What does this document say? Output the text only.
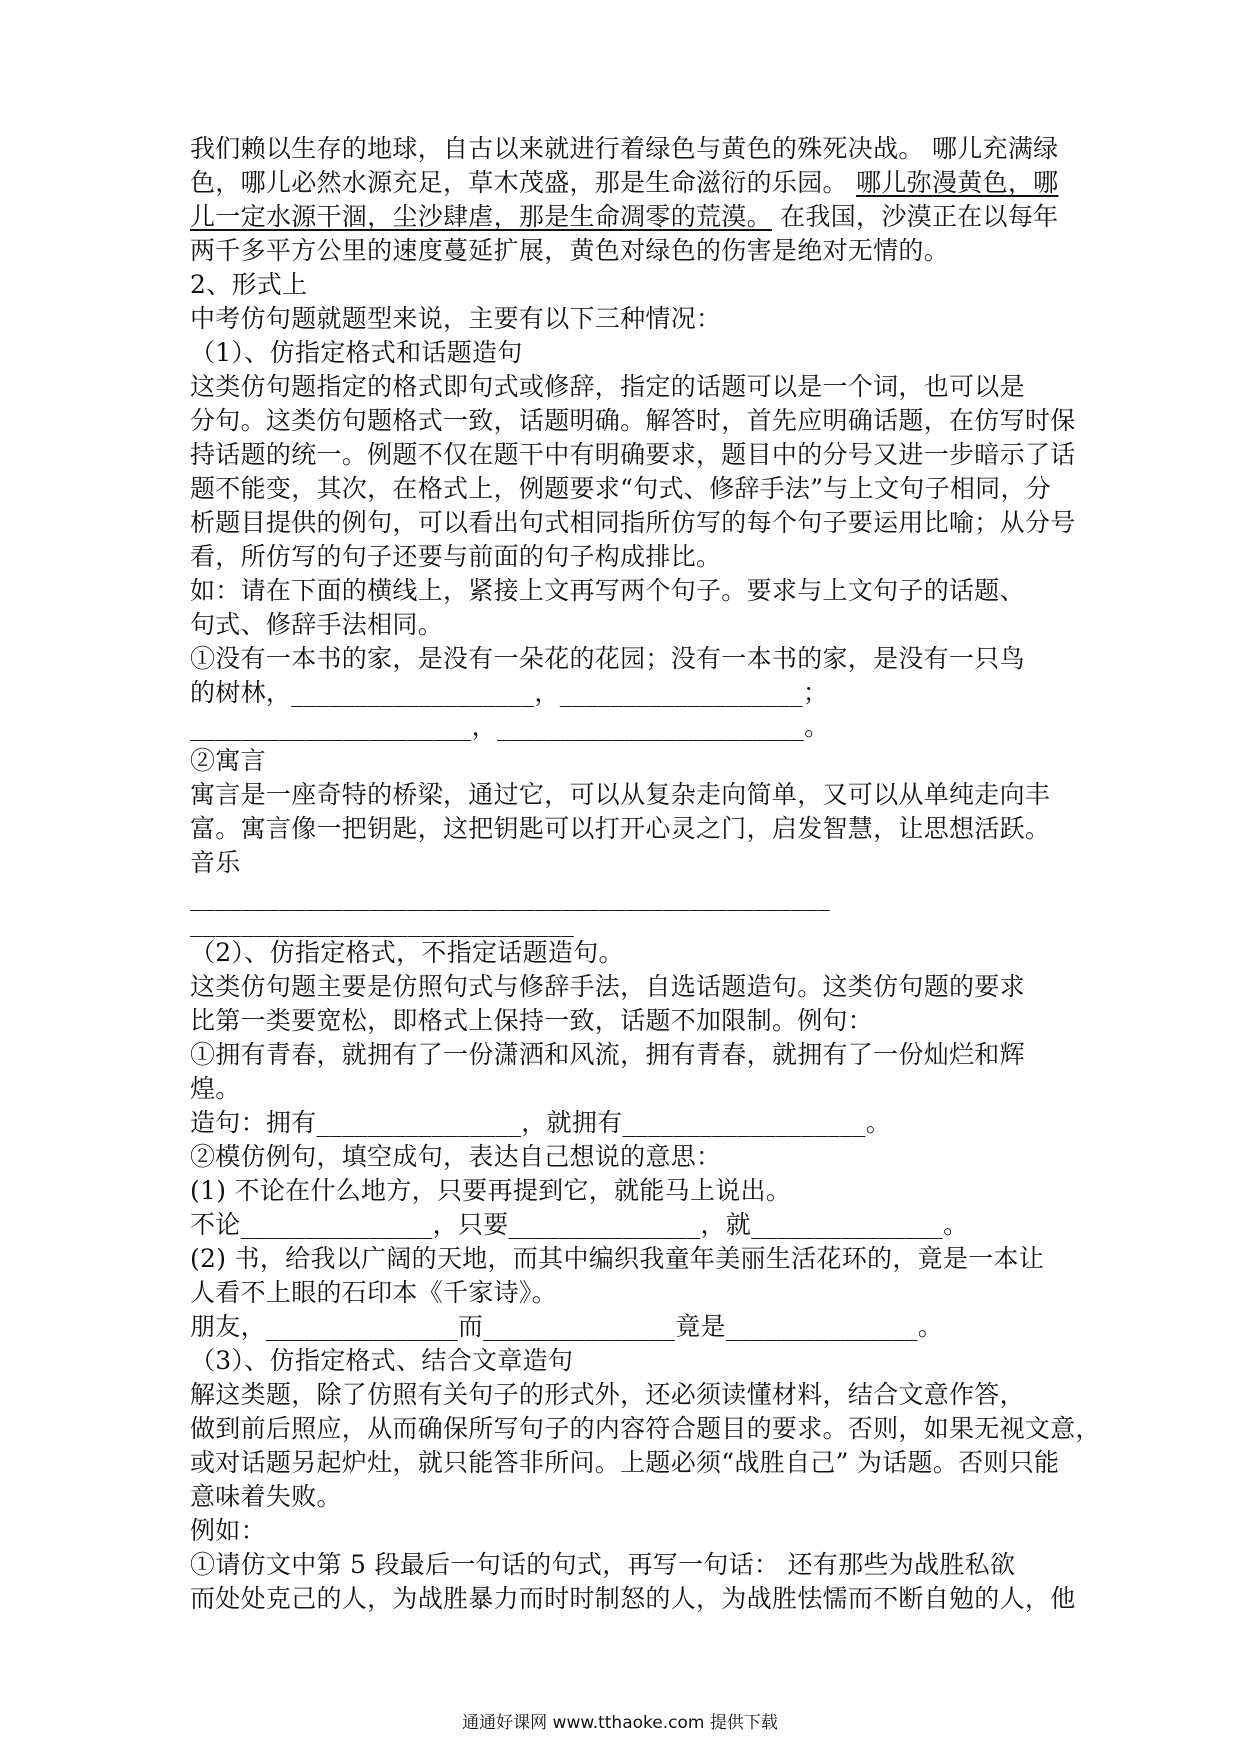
我们赖以生存的地球，自古以来就进行着绿色与黄色的殊死决战。 哪儿充满绿
色，哪儿必然水源充足，草木茂盛，那是生命滋衍的乐园。 哪儿弥漫黄色，哪
儿一定水源干涸，尘沙肆虐，那是生命凋零的荒漠。 在我国，沙漠正在以每年
两千多平方公里的速度蔓延扩展，黄色对绿色的伤害是绝对无情的。
2、形式上
中考仿句题就题型来说，主要有以下三种情况：
（1）、仿指定格式和话题造句
这类仿句题指定的格式即句式或修辞，指定的话题可以是一个词，也可以是
分句。这类仿句题格式一致，话题明确。解答时，首先应明确话题，在仿写时保
持话题的统一。例题不仅在题干中有明确要求，题目中的分号又进一步暗示了话
题不能变，其次，在格式上，例题要求“句式、修辞手法”与上文句子相同，分
析题目提供的例句，可以看出句式相同指所仿写的每个句子要运用比喻；从分号
看，所仿写的句子还要与前面的句子构成排比。
如：请在下面的横线上，紧接上文再写两个句子。要求与上文句子的话题、
句式、修辞手法相同。
①没有一本书的家，是没有一朵花的花园；没有一本书的家，是没有一只鸟
的树林，___________________，___________________；
______________________，________________________。
②寓言
寓言是一座奇特的桥梁，通过它，可以从复杂走向简单，又可以从单纯走向丰
富。寓言像一把钥匙，这把钥匙可以打开心灵之门，启发智慧，让思想活跃。
音乐
__________________________________________________
______________________________
（2）、仿指定格式，不指定话题造句。
这类仿句题主要是仿照句式与修辞手法，自选话题造句。这类仿句题的要求
比第一类要宽松，即格式上保持一致，话题不加限制。例句：
①拥有青春，就拥有了一份潇洒和风流，拥有青春，就拥有了一份灿烂和辉
煌。
造句：拥有________________，就拥有___________________。
②模仿例句，填空成句，表达自己想说的意思：
(1) 不论在什么地方，只要再提到它，就能马上说出。
不论_______________，只要_______________，就_______________。
(2) 书，给我以广阔的天地，而其中编织我童年美丽生活花环的，竟是一本让
人看不上眼的石印本《千家诗》。
朋友，_______________而_______________竟是_______________。
（3）、仿指定格式、结合文章造句
解这类题，除了仿照有关句子的形式外，还必须读懂材料，结合文意作答，
做到前后照应，从而确保所写句子的内容符合题目的要求。否则，如果无视文意，
或对话题另起炉灶，就只能答非所问。上题必须“战胜自己” 为话题。否则只能
意味着失败。
例如：
①请仿文中第 5 段最后一句话的句式，再写一句话： 还有那些为战胜私欲
而处处克己的人，为战胜暴力而时时制怒的人，为战胜怯懦而不断自勉的人，他
通通好课网 www.tthaoke.com 提供下载
